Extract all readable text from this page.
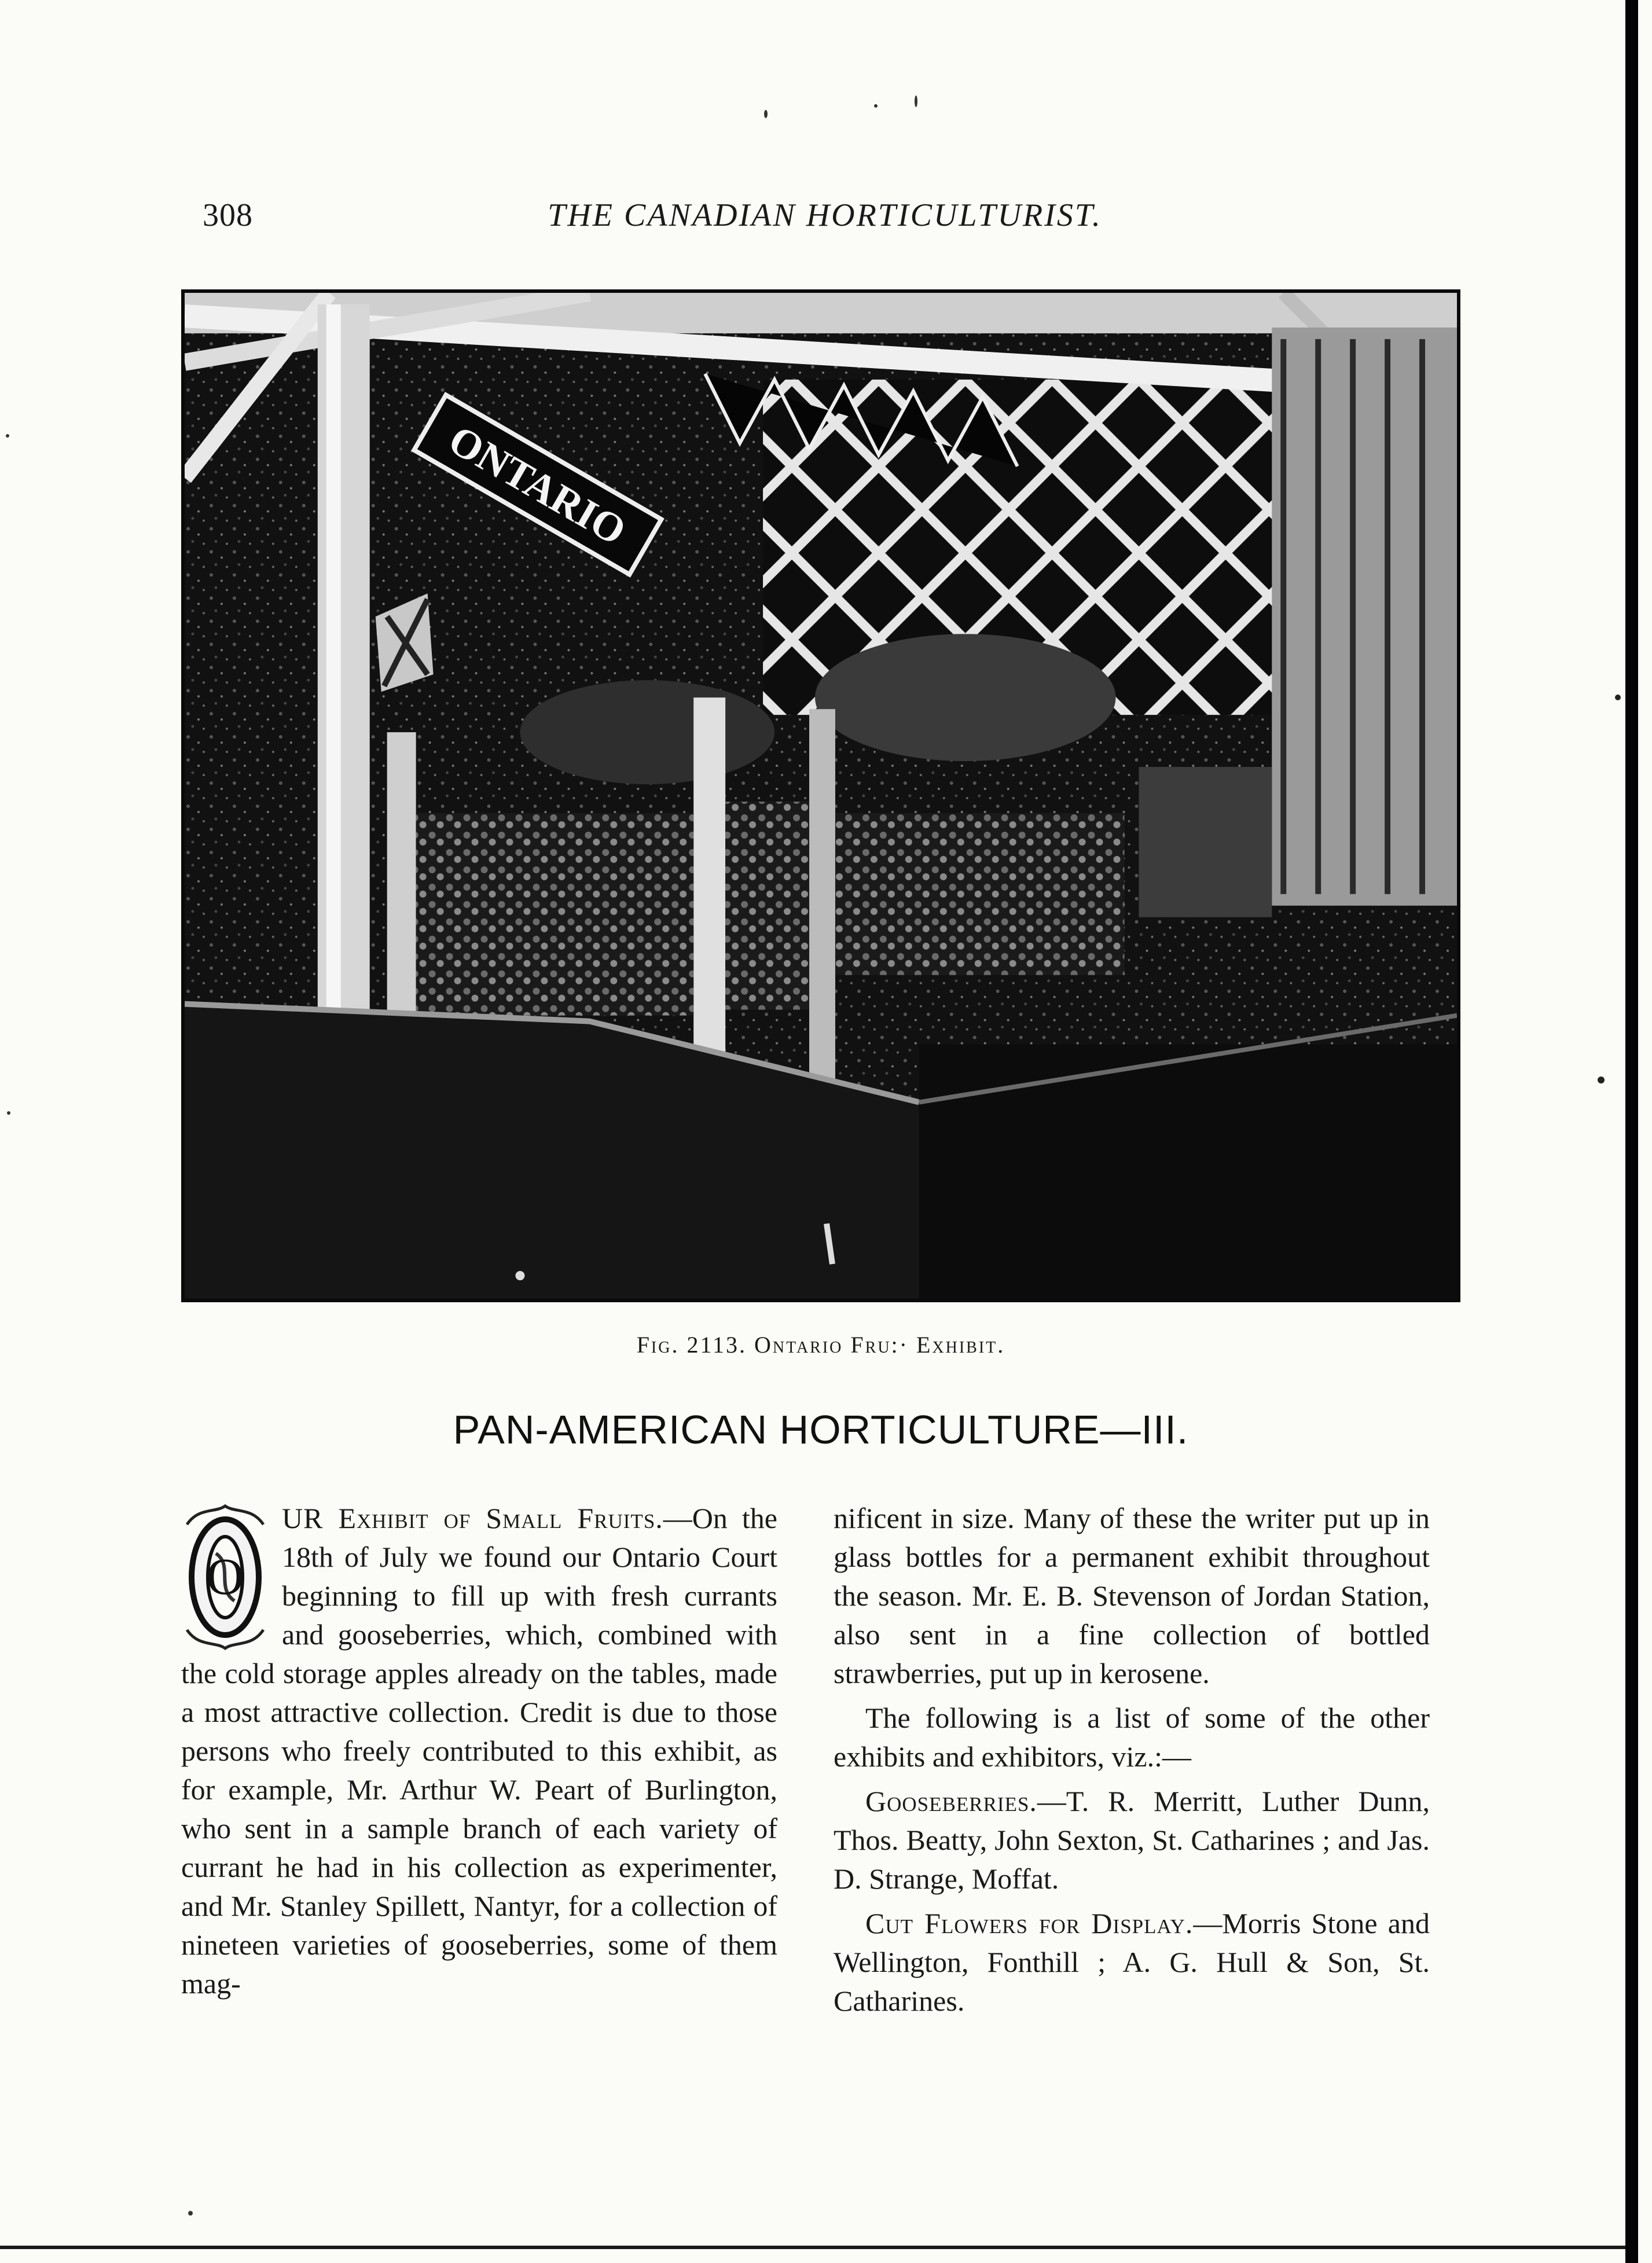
308	THE CANADIAN HORTICULTURIST.
ONTARIO
Fig. 2113. Ontario Fru:· Exhibit.
PAN-AMERICAN HORTICULTURE—III.

O
UR Exhibit of Small Fruits.—On the 18th of July we found our Ontario Court beginning to fill up with fresh currants and gooseberries, which, combined with the cold storage apples already on the tables, made a most attractive collection. Credit is due to those persons who freely contributed to this exhibit, as for example, Mr. Arthur W. Peart of Burlington, who sent in a sample branch of each variety of currant he had in his collection as experimenter, and Mr. Stanley Spillett, Nantyr, for a collection of nineteen varieties of gooseberries, some of them mag-

nificent in size. Many of these the writer put up in glass bottles for a permanent exhibit throughout the season. Mr. E. B. Stevenson of Jordan Station, also sent in a fine collection of bottled strawberries, put up in kerosene.

The following is a list of some of the other exhibits and exhibitors, viz.:—

Gooseberries.—T. R. Merritt, Luther Dunn, Thos. Beatty, John Sexton, St. Catharines ; and Jas. D. Strange, Moffat.

Cut Flowers for Display.—Morris Stone and Wellington, Fonthill ; A. G. Hull & Son, St. Catharines.
